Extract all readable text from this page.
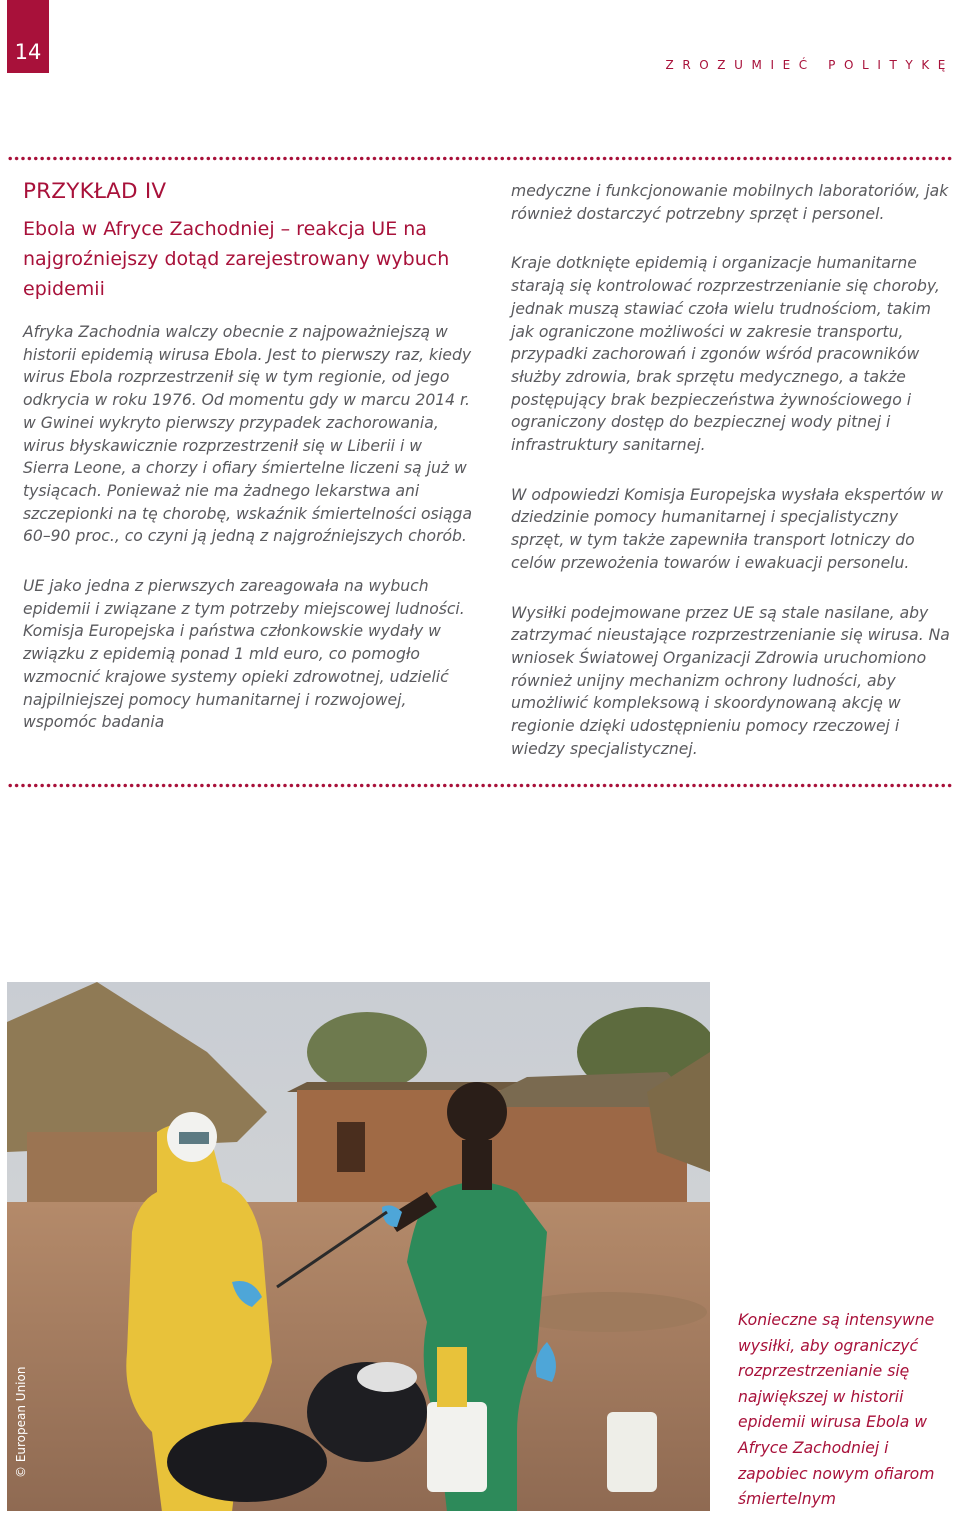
14
ZROZUMIEĆ POLITYKĘ
PRZYKŁAD IV
Ebola w Afryce Zachodniej – reakcja UE na najgroźniejszy dotąd zarejestrowany wybuch epidemii

Afryka Zachodnia walczy obecnie z najpoważniejszą w historii epidemią wirusa Ebola. Jest to pierwszy raz, kiedy wirus Ebola rozprzestrzenił się w tym regionie, od jego odkrycia w roku 1976. Od momentu gdy w marcu 2014 r. w Gwinei wykryto pierwszy przypadek zachorowania, wirus błyskawicznie rozprzestrzenił się w Liberii i w Sierra Leone, a chorzy i ofiary śmiertelne liczeni są już w tysiącach. Ponieważ nie ma żadnego lekarstwa ani szczepionki na tę chorobę, wskaźnik śmiertelności osiąga 60–90 proc., co czyni ją jedną z najgroźniejszych chorób.

UE jako jedna z pierwszych zareagowała na wybuch epidemii i związane z tym potrzeby miejscowej ludności. Komisja Europejska i państwa członkowskie wydały w związku z epidemią ponad 1 mld euro, co pomogło wzmocnić krajowe systemy opieki zdrowotnej, udzielić najpilniejszej pomocy humanitarnej i rozwojowej, wspomóc badania

medyczne i funkcjonowanie mobilnych laboratoriów, jak również dostarczyć potrzebny sprzęt i personel.

Kraje dotknięte epidemią i organizacje humanitarne starają się kontrolować rozprzestrzenianie się choroby, jednak muszą stawiać czoła wielu trudnościom, takim jak ograniczone możliwości w zakresie transportu, przypadki zachorowań i zgonów wśród pracowników służby zdrowia, brak sprzętu medycznego, a także postępujący brak bezpieczeństwa żywnościowego i ograniczony dostęp do bezpiecznej wody pitnej i infrastruktury sanitarnej.

W odpowiedzi Komisja Europejska wysłała ekspertów w dziedzinie pomocy humanitarnej i specjalistyczny sprzęt, w tym także zapewniła transport lotniczy do celów przewożenia towarów i ewakuacji personelu.

Wysiłki podejmowane przez UE są stale nasilane, aby zatrzymać nieustające rozprzestrzenianie się wirusa. Na wniosek Światowej Organizacji Zdrowia uruchomiono również unijny mechanizm ochrony ludności, aby umożliwić kompleksową i skoordynowaną akcję w regionie dzięki udostępnieniu pomocy rzeczowej i wiedzy specjalistycznej.

© European Union
Konieczne są intensywne wysiłki, aby ograniczyć rozprzestrzenianie się największej w historii epidemii wirusa Ebola w Afryce Zachodniej i zapobiec nowym ofiarom śmiertelnym
